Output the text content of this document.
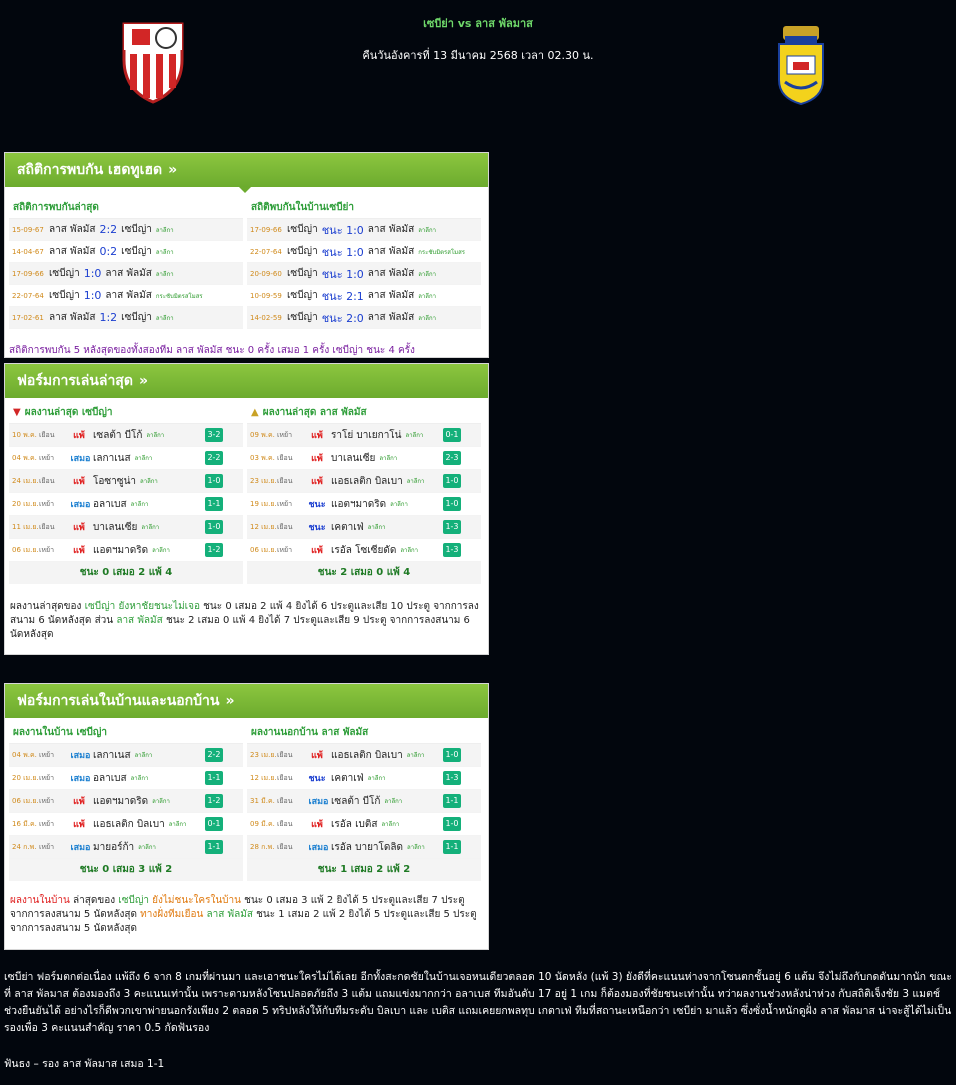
เซบีย่า vs ลาส พัลมาส
คืนวันอังคารที่ 13 มีนาคม 2568 เวลา 02.30 น.
สถิติการพบกัน เฮดทูเฮด »
สถิติการพบกันล่าสุด
15-09-67 ลาส พัลมัส 2:2 เซบีญ่า ลาลีกา
14-04-67 ลาส พัลมัส 0:2 เซบีญ่า ลาลีกา
17-09-66 เซบีญ่า 1:0 ลาส พัลมัส ลาลีกา
22-07-64 เซบีญ่า 1:0 ลาส พัลมัส กระชับมิตรสโมสร
17-02-61 ลาส พัลมัส 1:2 เซบีญ่า ลาลีกา
สถิติพบกันในบ้านเซบีย่า
17-09-66 เซบีญ่า ชนะ 1:0 ลาส พัลมัส ลาลีกา
22-07-64 เซบีญ่า ชนะ 1:0 ลาส พัลมัส กระชับมิตรสโมสร
20-09-60 เซบีญ่า ชนะ 1:0 ลาส พัลมัส ลาลีกา
10-09-59 เซบีญ่า ชนะ 2:1 ลาส พัลมัส ลาลีกา
14-02-59 เซบีญ่า ชนะ 2:0 ลาส พัลมัส ลาลีกา
สถิติการพบกัน 5 หลังสุดของทั้งสองทีม ลาส พัลมัส ชนะ 0 ครั้ง เสมอ 1 ครั้ง เซบีญ่า ชนะ 4 ครั้ง
ฟอร์มการเล่นล่าสุด »
▼ ผลงานล่าสุด เซบีญ่า
10 พ.ค. เยือน	แพ้ เซลต้า บีโก้ ลาลีกา	3-2
04 พ.ค. เหย้า	เสมอ เลกาเนส ลาลีกา	2-2
24 เม.ย. เยือน	แพ้ โอซาซูน่า ลาลีกา	1-0
20 เม.ย. เหย้า	เสมอ อลาเบส ลาลีกา	1-1
11 เม.ย. เยือน	แพ้ บาเลนเซีย ลาลีกา	1-0
06 เม.ย. เหย้า	แพ้ แอตฯมาดริด ลาลีกา	1-2
ชนะ 0 เสมอ 2 แพ้ 4
▲ ผลงานล่าสุด ลาส พัลมัส
09 พ.ค. เหย้า	แพ้ ราโย่ บาเยกาโน่ ลาลีกา	0-1
03 พ.ค. เยือน	แพ้ บาเลนเซีย ลาลีกา	2-3
23 เม.ย. เยือน	แพ้ แอธเลติก บิลเบา ลาลีกา	1-0
19 เม.ย. เหย้า	ชนะ แอตฯมาดริด ลาลีกา	1-0
12 เม.ย. เยือน	ชนะ เคตาเฟ่ ลาลีกา	1-3
06 เม.ย. เหย้า	แพ้ เรอัล โซเซียดัด ลาลีกา	1-3
ชนะ 2 เสมอ 0 แพ้ 4
ผลงานล่าสุดของ เซบีญ่า ยังหาชัยชนะไม่เจอ ชนะ 0 เสมอ 2 แพ้ 4 ยิงได้ 6 ประตูและเสีย 10 ประตู จากการลงสนาม 6 นัดหลังสุด ส่วน ลาส พัลมัส ชนะ 2 เสมอ 0 แพ้ 4 ยิงได้ 7 ประตูและเสีย 9 ประตู จากการลงสนาม 6 นัดหลังสุด
ฟอร์มการเล่นในบ้านและนอกบ้าน »
ผลงานในบ้าน เซบีญ่า
04 พ.ค. เหย้า	เสมอ เลกาเนส ลาลีกา	2-2
20 เม.ย. เหย้า	เสมอ อลาเบส ลาลีกา	1-1
06 เม.ย. เหย้า	แพ้ แอตฯมาดริด ลาลีกา	1-2
16 มี.ค. เหย้า	แพ้ แอธเลติก บิลเบา ลาลีกา	0-1
24 ก.พ. เหย้า	เสมอ มายอร์ก้า ลาลีกา	1-1
ชนะ 0 เสมอ 3 แพ้ 2
ผลงานนอกบ้าน ลาส พัลมัส
23 เม.ย. เยือน	แพ้ แอธเลติก บิลเบา ลาลีกา	1-0
12 เม.ย. เยือน	ชนะ เคตาเฟ่ ลาลีกา	1-3
31 มี.ค. เยือน	เสมอ เซลต้า บีโก้ ลาลีกา	1-1
09 มี.ค. เยือน	แพ้ เรอัล เบติส ลาลีกา	1-0
28 ก.พ. เยือน	เสมอ เรอัล บายาโดลิด ลาลีกา	1-1
ชนะ 1 เสมอ 2 แพ้ 2
ผลงานในบ้าน ล่าสุดของ เซบีญ่า ยังไม่ชนะใครในบ้าน ชนะ 0 เสมอ 3 แพ้ 2 ยิงได้ 5 ประตูและเสีย 7 ประตู จากการลงสนาม 5 นัดหลังสุด ทางฝั่งทีมเยือน ลาส พัลมัส ชนะ 1 เสมอ 2 แพ้ 2 ยิงได้ 5 ประตูและเสีย 5 ประตู จากการลงสนาม 5 นัดหลังสุด
เซบีย่า ฟอร์มตกต่อเนื่อง แพ้ถึง 6 จาก 8 เกมที่ผ่านมา และเอาชนะใครไม่ได้เลย อีกทั้งสะกดชัยในบ้านเจอหนเดียวตลอด 10 นัดหลัง (แพ้ 3) ยังดีที่คะแนนห่างจากโซนตกชั้นอยู่ 6 แต้ม จึงไม่ถึงกับกดดันมากนัก ขณะที่ ลาส พัลมาส ต้องมองถึง 3 คะแนนเท่านั้น เพราะตามหลังโซนปลอดภัยถึง 3 แต้ม แถมแข่งมากกว่า อลาเบส ทีมอันดับ 17 อยู่ 1 เกม ก็ต้องมองที่ชัยชนะเท่านั้น ทว่าผลงานช่วงหลังน่าห่วง กับสถิติเจ็งชัย 3 แมตช์ช่วงยืนยันได้ อย่างไรก็ดีพวกเขาพ่ายนอกรังเพียง 2 ตลอด 5 ทริปหลังให้กับทีมระดับ บิลเบา และ เบติส แถมเคยยกพลทุบ เกตาเฟ่ ทีมที่สถานะเหนือกว่า เซบีย่า มาแล้ว ซึ่งซั่งน้ำหนักดูฝั่ง ลาส พัลมาส น่าจะสู้ได้ไม่เป็นรองเพื่อ 3 คะแนนสำคัญ ราคา 0.5 กัดฟันรอง
ฟันธง – รอง ลาส พัลมาส เสมอ 1-1
